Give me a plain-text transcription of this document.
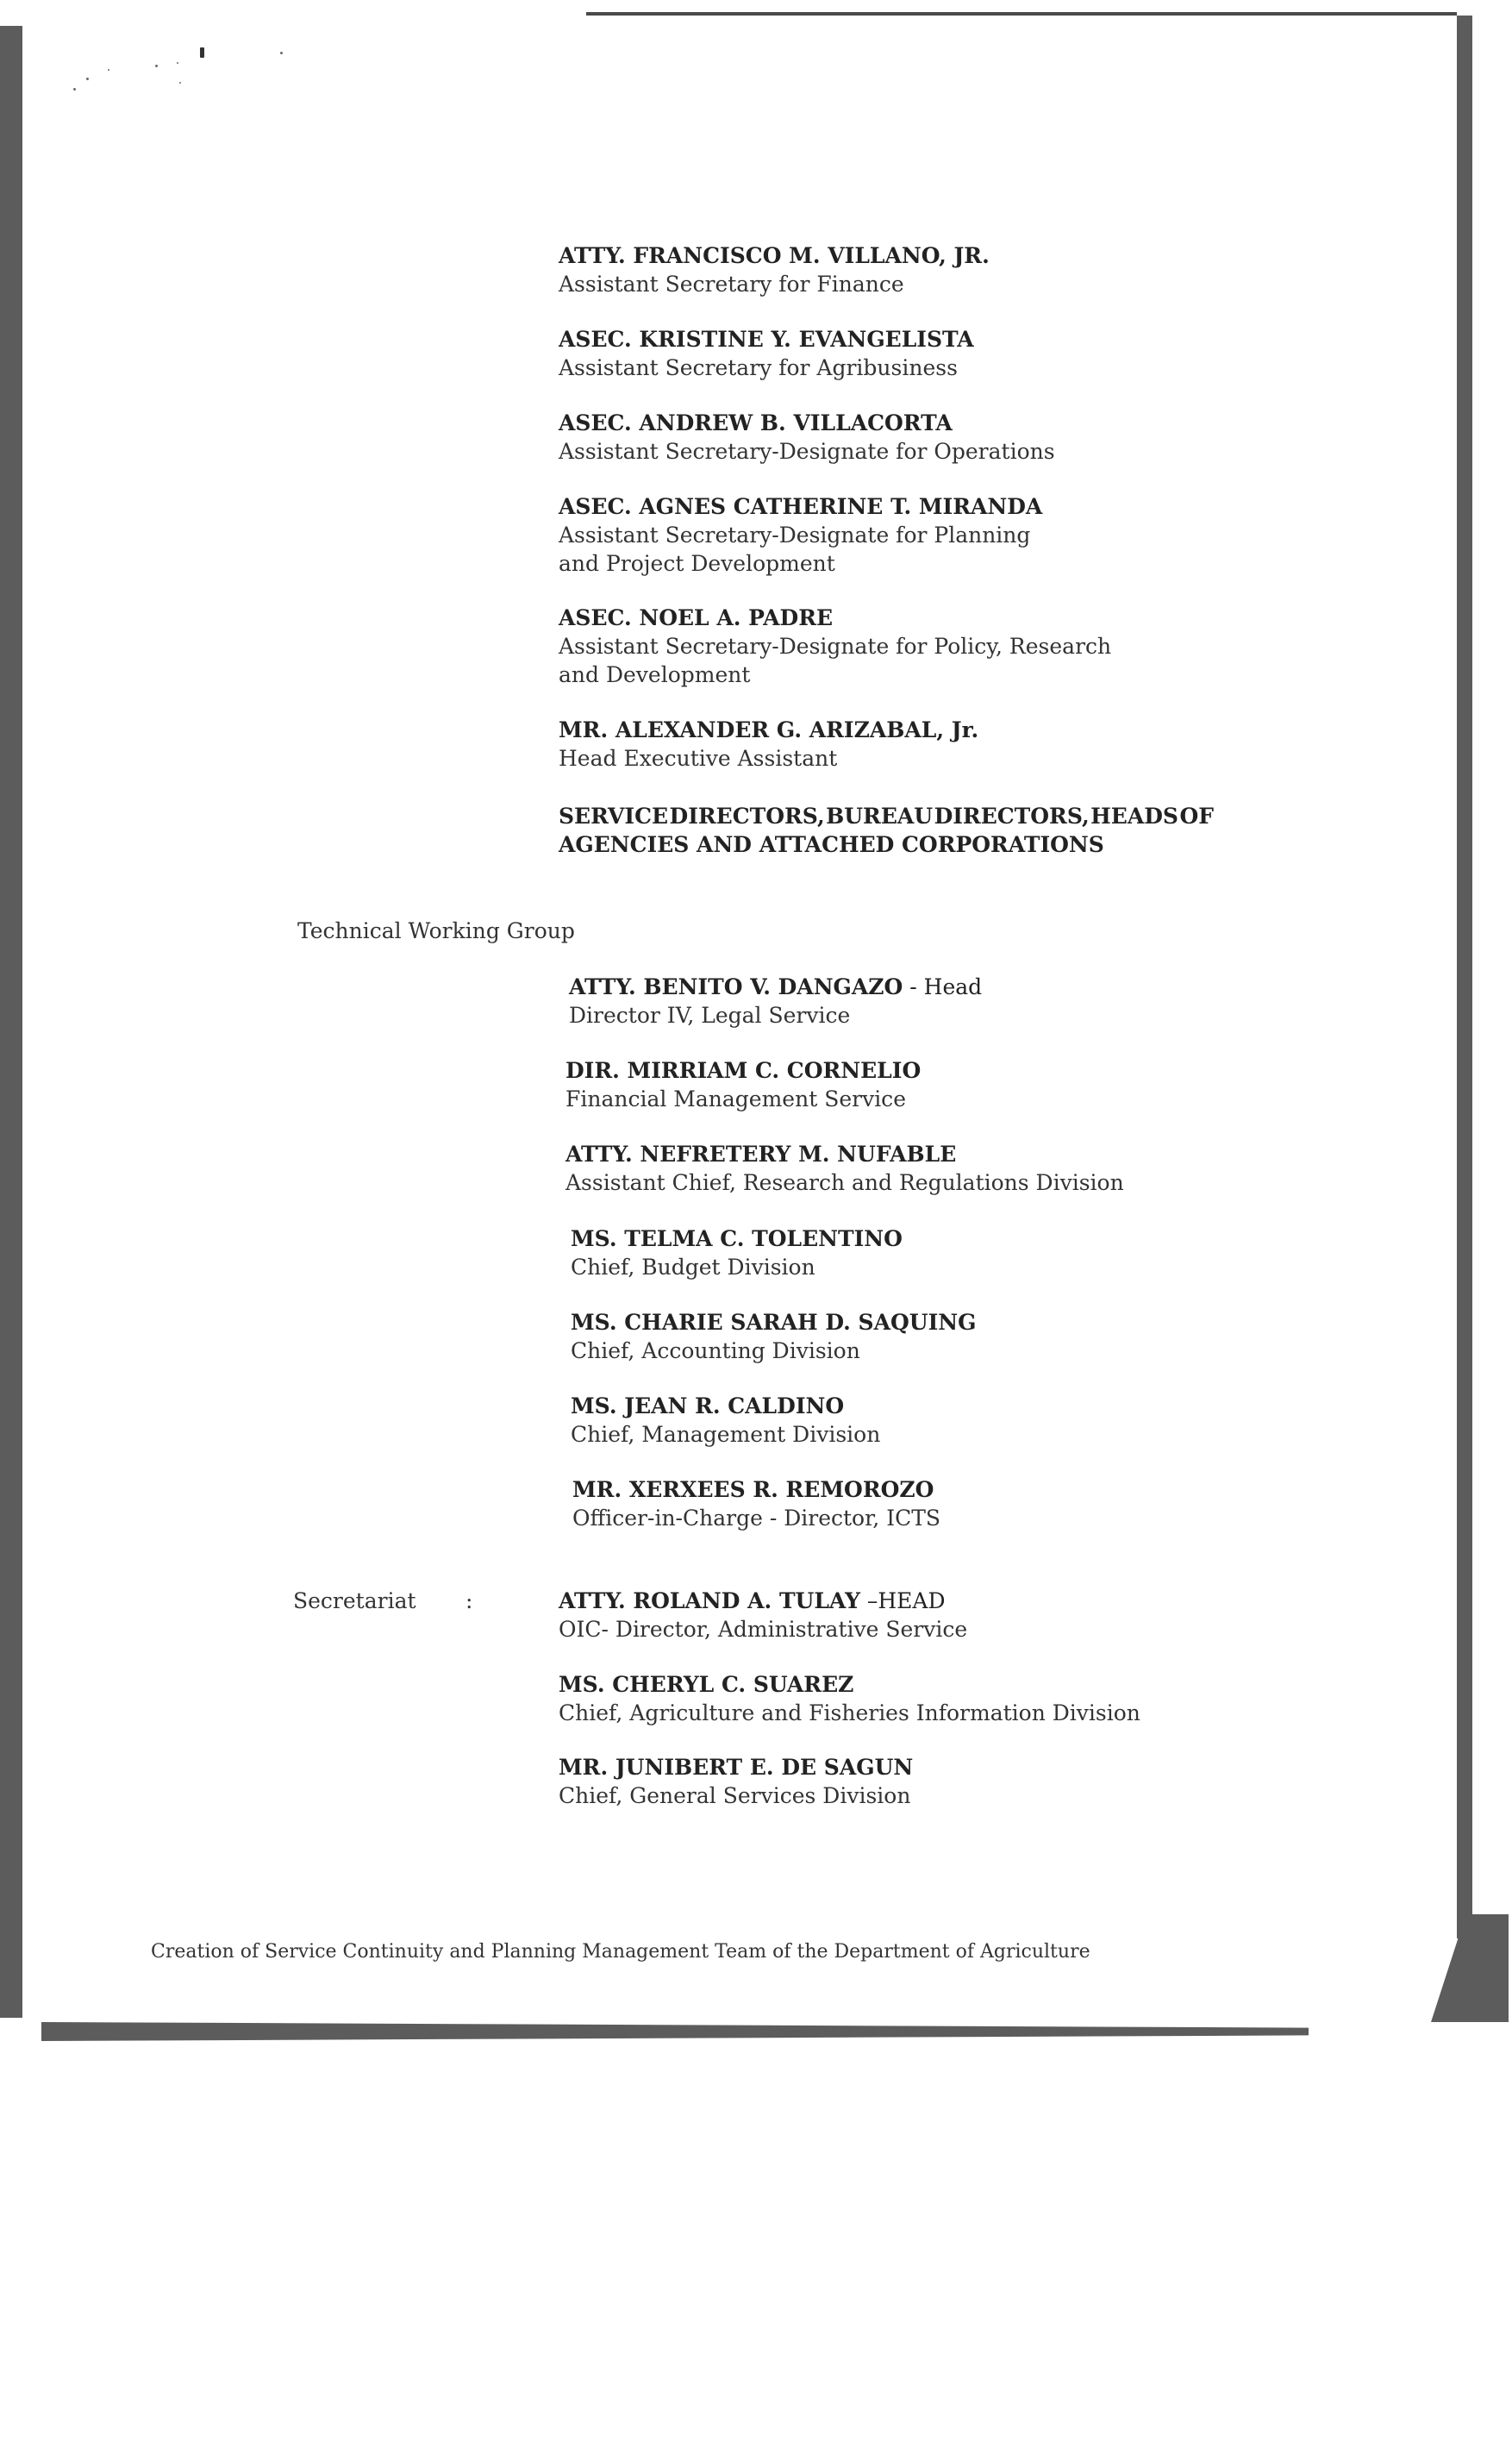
ATTY. FRANCISCO M. VILLANO, JR.
Assistant Secretary for Finance
ASEC. KRISTINE Y. EVANGELISTA
Assistant Secretary for Agribusiness
ASEC. ANDREW B. VILLACORTA
Assistant Secretary-Designate for Operations
ASEC. AGNES CATHERINE T. MIRANDA
Assistant Secretary-Designate for Planning
and Project Development
ASEC. NOEL A. PADRE
Assistant Secretary-Designate for Policy, Research
and Development
MR. ALEXANDER G. ARIZABAL, Jr.
Head Executive Assistant
SERVICE DIRECTORS, BUREAU DIRECTORS, HEADS OF
AGENCIES AND ATTACHED CORPORATIONS
Technical Working Group
ATTY. BENITO V. DANGAZO - Head
Director IV, Legal Service
DIR. MIRRIAM C. CORNELIO
Financial Management Service
ATTY. NEFRETERY M. NUFABLE
Assistant Chief, Research and Regulations Division
MS. TELMA C. TOLENTINO
Chief, Budget Division
MS. CHARIE SARAH D. SAQUING
Chief, Accounting Division
MS. JEAN R. CALDINO
Chief, Management Division
MR. XERXEES R. REMOROZO
Officer-in-Charge - Director, ICTS
Secretariat :	ATTY. ROLAND A. TULAY –HEAD
OIC- Director, Administrative Service
MS. CHERYL C. SUAREZ
Chief, Agriculture and Fisheries Information Division
MR. JUNIBERT E. DE SAGUN
Chief, General Services Division
Creation of Service Continuity and Planning Management Team of the Department of Agriculture
